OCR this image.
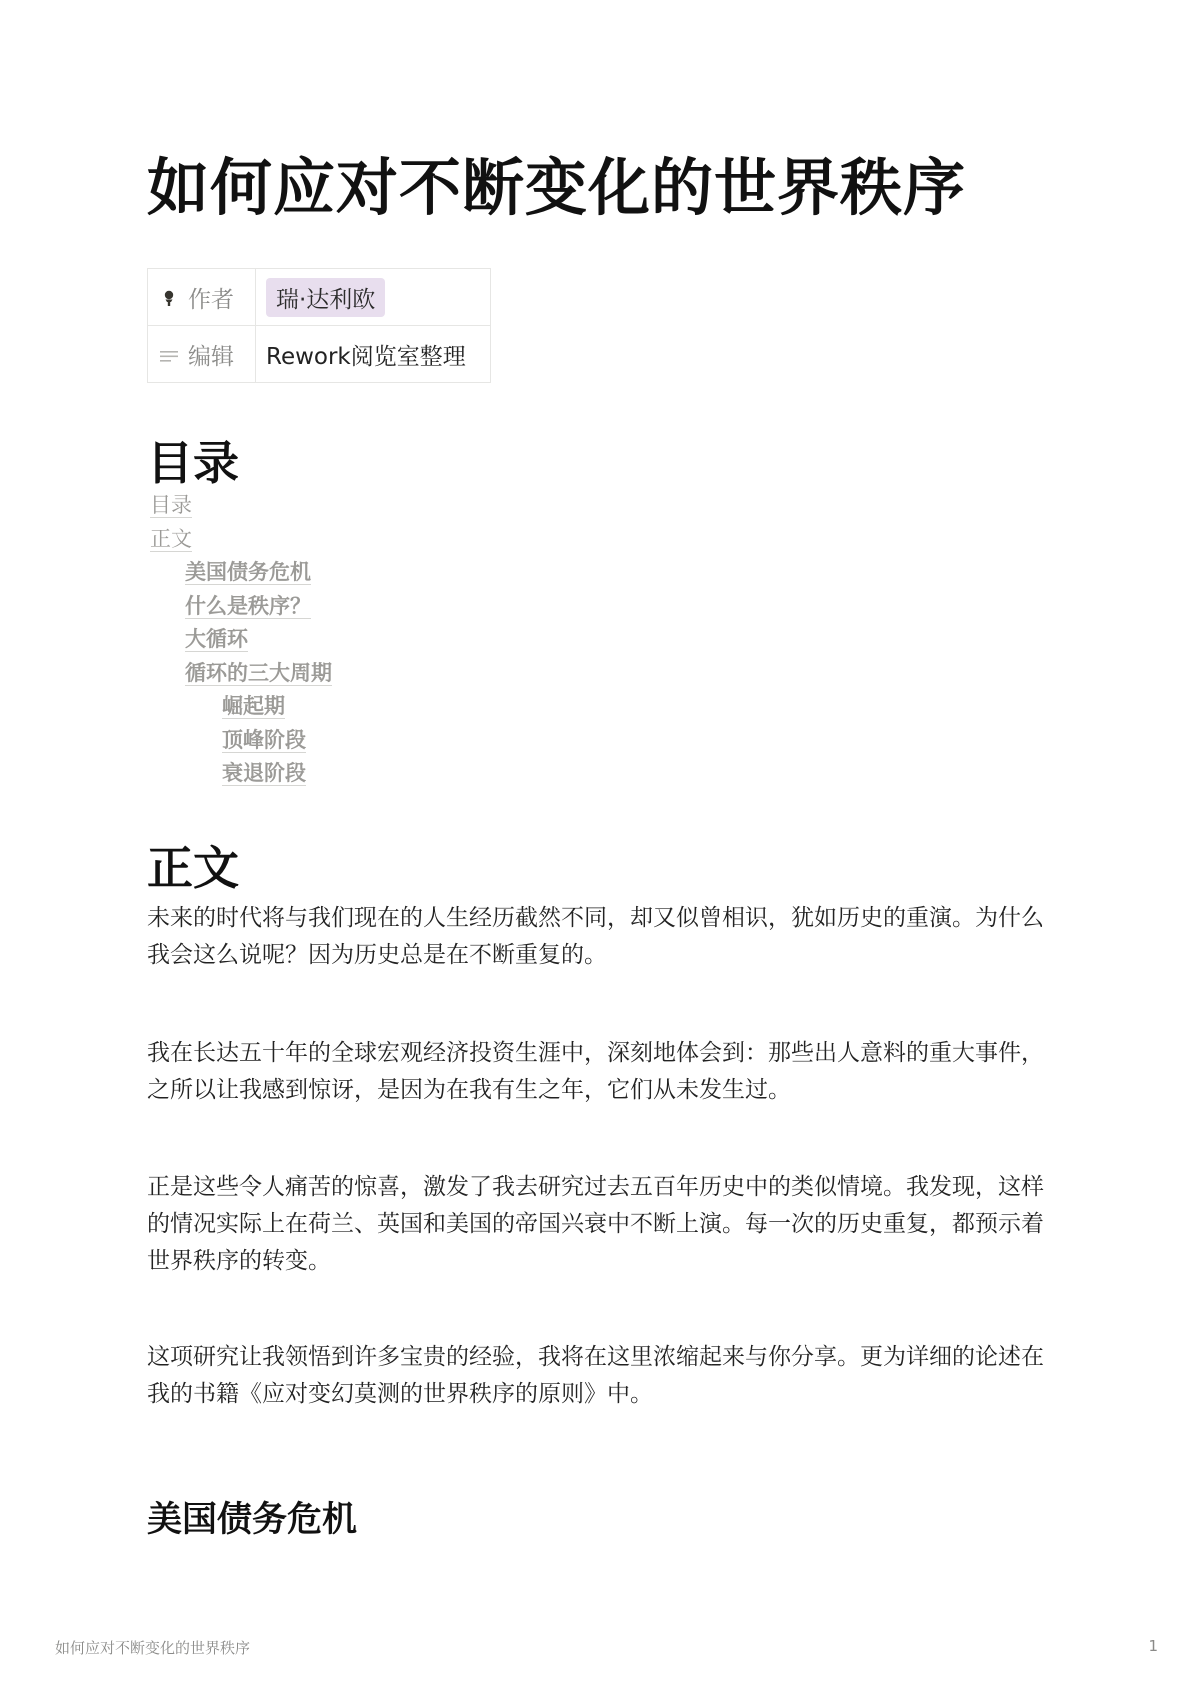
如何应对不断变化的世界秩序
作者	瑞·达利欧
编辑	Rework阅览室整理
目录
目录
正文
美国债务危机
什么是秩序？
大循环
循环的三大周期
崛起期
顶峰阶段
衰退阶段
正文

未来的时代将与我们现在的人生经历截然不同，却又似曾相识，犹如历史的重演。为什么我会这么说呢？因为历史总是在不断重复的。

我在长达五十年的全球宏观经济投资生涯中，深刻地体会到：那些出人意料的重大事件，之所以让我感到惊讶，是因为在我有生之年，它们从未发生过。

正是这些令人痛苦的惊喜，激发了我去研究过去五百年历史中的类似情境。我发现，这样的情况实际上在荷兰、英国和美国的帝国兴衰中不断上演。每一次的历史重复，都预示着世界秩序的转变。

这项研究让我领悟到许多宝贵的经验，我将在这里浓缩起来与你分享。更为详细的论述在我的书籍《应对变幻莫测的世界秩序的原则》中。

美国债务危机
如何应对不断变化的世界秩序	1
